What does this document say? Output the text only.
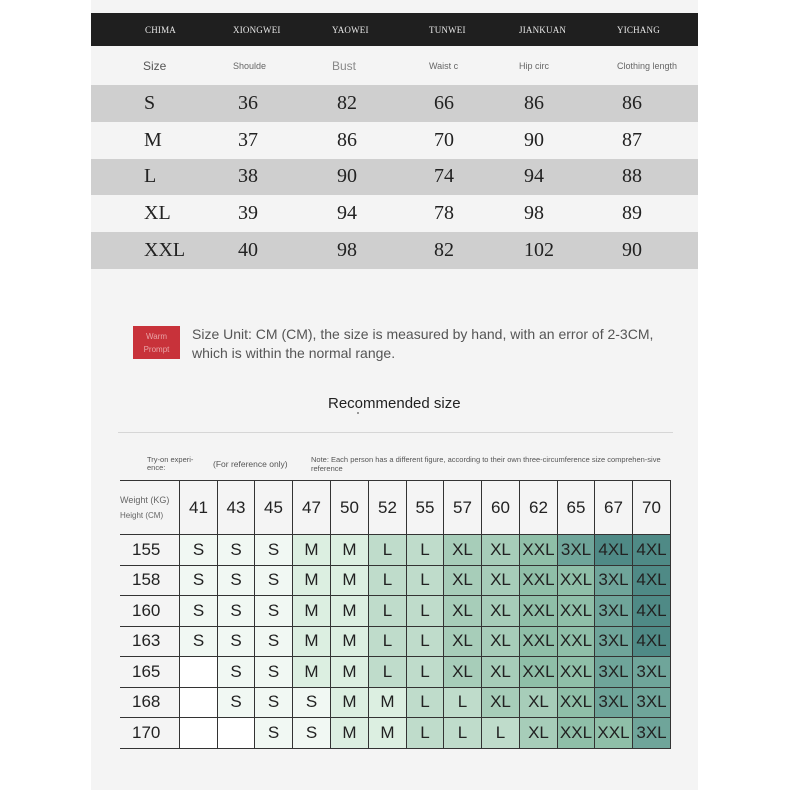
CHIMA	XIONGWEI	YAOWEI	TUNWEI	JIANKUAN	YICHANG
Size	Shoulde	Bust	Waist c	Hip circ	Clothing length
S	36	82	66	86	86
M	37	86	70	90	87
L	38	90	74	94	88
XL	39	94	78	98	89
XXL	40	98	82	102	90
Warm
Prompt
Size Unit: CM (CM), the size is measured by hand, with an error of 2-3CM, which is within the normal range.
Recommended size
Try-on experi-ence:	(For reference only)	Note: Each person has a different figure, according to their own three-circumference size comprehen-sive reference
Weight (KG)
Height (CM)	41	43	45	47	50	52	55	57	60	62	65	67	70
155	S	S	S	M	M	L	L	XL	XL	XXL	3XL	4XL	4XL
158	S	S	S	M	M	L	L	XL	XL	XXL	XXL	3XL	4XL
160	S	S	S	M	M	L	L	XL	XL	XXL	XXL	3XL	4XL
163	S	S	S	M	M	L	L	XL	XL	XXL	XXL	3XL	4XL
165		S	S	M	M	L	L	XL	XL	XXL	XXL	3XL	3XL
168		S	S	S	M	M	L	L	XL	XL	XXL	3XL	3XL
170			S	S	M	M	L	L	L	XL	XXL	XXL	3XL
